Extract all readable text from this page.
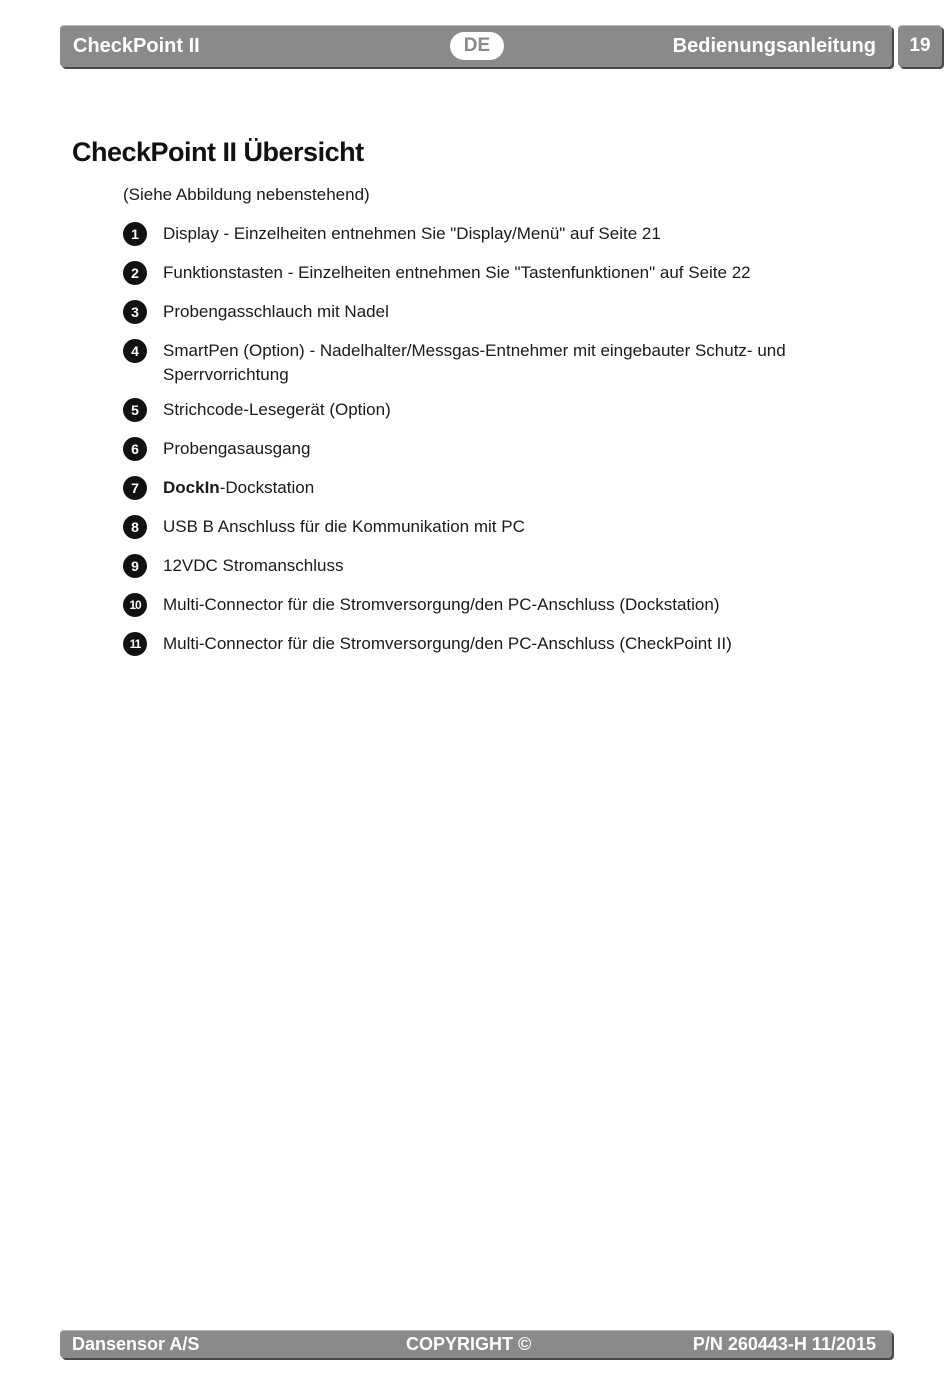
CheckPoint II	DE	Bedienungsanleitung	19
CheckPoint II Übersicht
(Siehe Abbildung nebenstehend)
1	Display - Einzelheiten entnehmen Sie "Display/Menü" auf Seite 21
2	Funktionstasten - Einzelheiten entnehmen Sie "Tastenfunktionen" auf Seite 22
3	Probengasschlauch mit Nadel
4	SmartPen (Option) - Nadelhalter/Messgas-Entnehmer mit eingebauter Schutz- und Sperrvorrichtung
5	Strichcode-Lesegerät (Option)
6	Probengasausgang
7	DockIn-Dockstation
8	USB B Anschluss für die Kommunikation mit PC
9	12VDC Stromanschluss
10	Multi-Connector für die Stromversorgung/den PC-Anschluss (Dockstation)
11	Multi-Connector für die Stromversorgung/den PC-Anschluss (CheckPoint II)
Dansensor A/S	COPYRIGHT ©	P/N 260443-H 11/2015
